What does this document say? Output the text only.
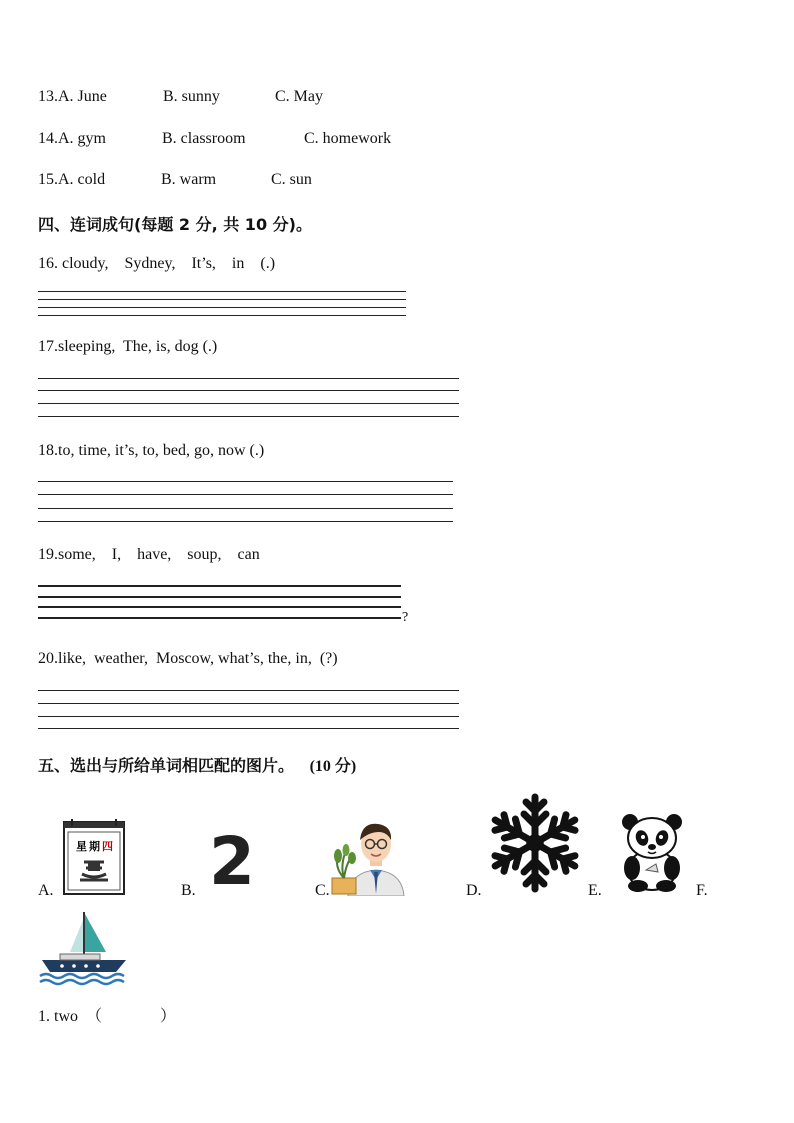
13.A. June	B. sunny	C. May
14.A. gym	B. classroom	C. homework
15.A. cold	B. warm	C. sun
四、连词成句(每题 2 分, 共 10 分)。
16. cloudy,    Sydney,    It’s,    in    (.)
17.sleeping,  The, is, dog (.)
18.to, time, it’s, to, bed, go, now (.)
19.some,    I,    have,    soup,    can
?
20.like,  weather,  Moscow, what’s, the, in,  (?)
五、选出与所给单词相匹配的图片。 (10 分)
A.
星 期 四
B. 2	C.	D.	E.	F.
1. two （	）
